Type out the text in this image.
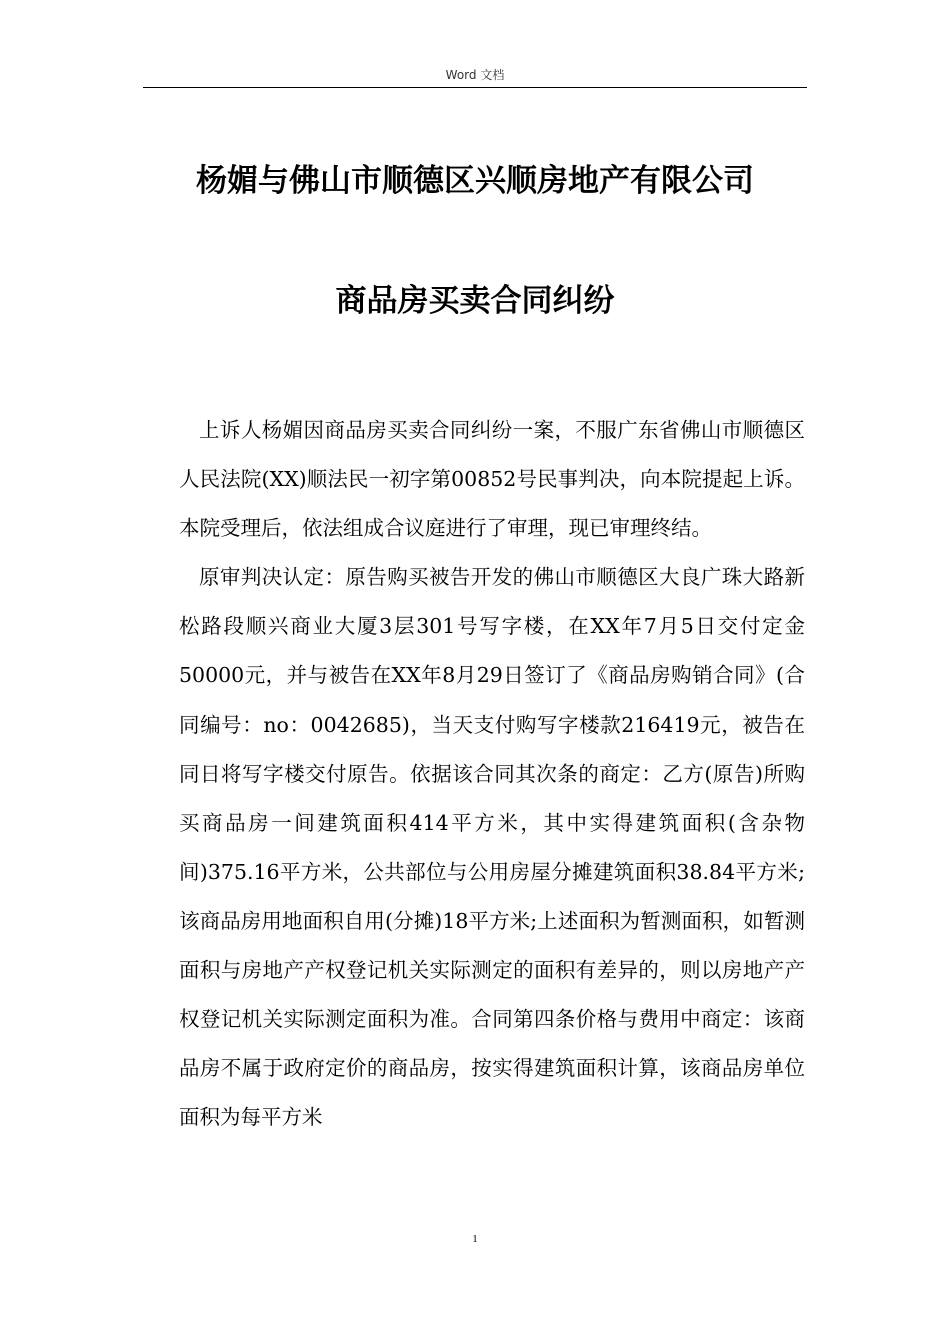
Word 文档
杨媚与佛山市顺德区兴顺房地产有限公司
商品房买卖合同纠纷

上诉人杨媚因商品房买卖合同纠纷一案，不服广东省佛山市顺德区人民法院(XX)顺法民一初字第00852号民事判决，向本院提起上诉。本院受理后，依法组成合议庭进行了审理，现已审理终结。

原审判决认定：原告购买被告开发的佛山市顺德区大良广珠大路新松路段顺兴商业大厦3层301号写字楼，在XX年7月5日交付定金50000元，并与被告在XX年8月29日签订了《商品房购销合同》(合同编号：no：0042685)，当天支付购写字楼款216419元，被告在同日将写字楼交付原告。依据该合同其次条的商定：乙方(原告)所购买商品房一间建筑面积414平方米，其中实得建筑面积(含杂物间)375.16平方米，公共部位与公用房屋分摊建筑面积38.84平方米;该商品房用地面积自用(分摊)18平方米;上述面积为暂测面积，如暂测面积与房地产产权登记机关实际测定的面积有差异的，则以房地产产权登记机关实际测定面积为准。合同第四条价格与费用中商定：该商品房不属于政府定价的商品房，按实得建筑面积计算，该商品房单位面积为每平方米

1
